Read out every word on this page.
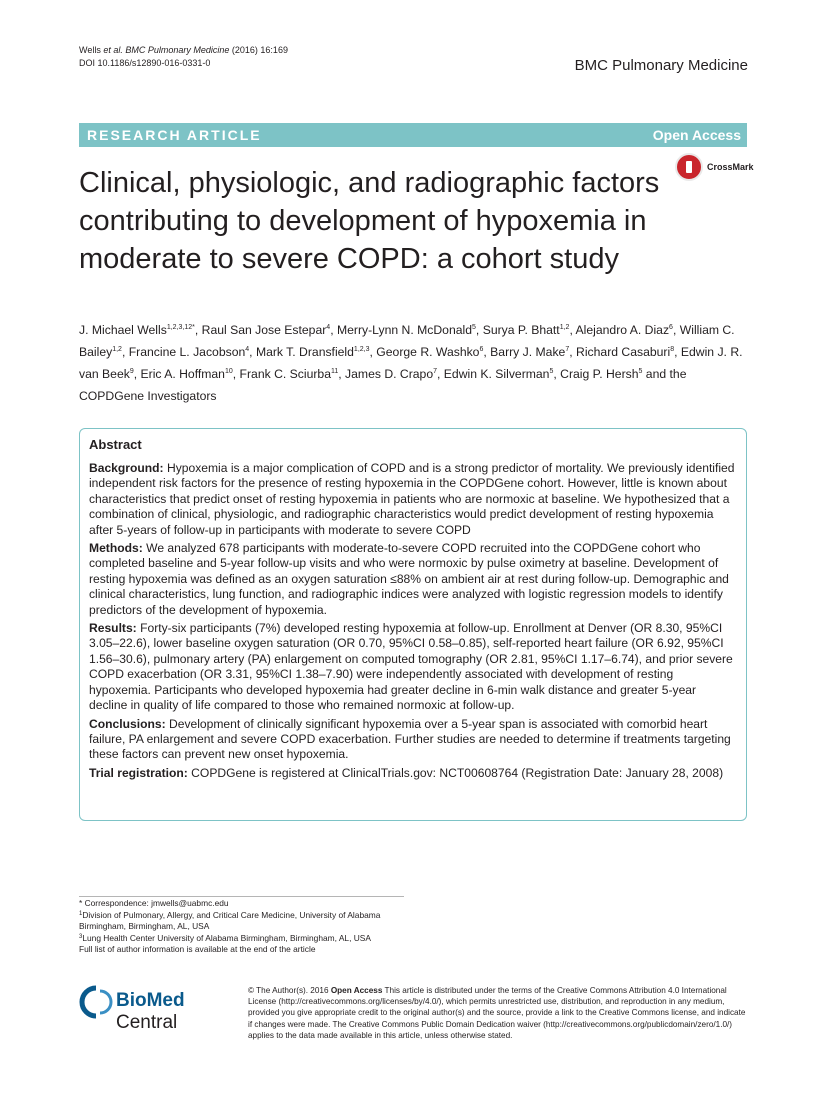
Wells et al. BMC Pulmonary Medicine (2016) 16:169
DOI 10.1186/s12890-016-0331-0	BMC Pulmonary Medicine
RESEARCH ARTICLE	Open Access
CrossMark
Clinical, physiologic, and radiographic factors contributing to development of hypoxemia in moderate to severe COPD: a cohort study
J. Michael Wells$^{1,2,3,12*}$, Raul San Jose Estepar$^4$, Merry-Lynn N. McDonald$^5$, Surya P. Bhatt$^{1,2}$, Alejandro A. Diaz$^6$, William C. Bailey$^{1,2}$, Francine L. Jacobson$^4$, Mark T. Dransfield$^{1,2,3}$, George R. Washko$^6$, Barry J. Make$^7$, Richard Casaburi$^8$, Edwin J. R. van Beek$^9$, Eric A. Hoffman$^{10}$, Frank C. Sciurba$^{11}$, James D. Crapo$^7$, Edwin K. Silverman$^5$, Craig P. Hersh$^5$ and the COPDGene Investigators
Abstract
Background: Hypoxemia is a major complication of COPD and is a strong predictor of mortality. We previously identified independent risk factors for the presence of resting hypoxemia in the COPDGene cohort. However, little is known about characteristics that predict onset of resting hypoxemia in patients who are normoxic at baseline. We hypothesized that a combination of clinical, physiologic, and radiographic characteristics would predict development of resting hypoxemia after 5-years of follow-up in participants with moderate to severe COPD
Methods: We analyzed 678 participants with moderate-to-severe COPD recruited into the COPDGene cohort who completed baseline and 5-year follow-up visits and who were normoxic by pulse oximetry at baseline. Development of resting hypoxemia was defined as an oxygen saturation ≤88% on ambient air at rest during follow-up. Demographic and clinical characteristics, lung function, and radiographic indices were analyzed with logistic regression models to identify predictors of the development of hypoxemia.
Results: Forty-six participants (7%) developed resting hypoxemia at follow-up. Enrollment at Denver (OR 8.30, 95%CI 3.05–22.6), lower baseline oxygen saturation (OR 0.70, 95%CI 0.58–0.85), self-reported heart failure (OR 6.92, 95%CI 1.56–30.6), pulmonary artery (PA) enlargement on computed tomography (OR 2.81, 95%CI 1.17–6.74), and prior severe COPD exacerbation (OR 3.31, 95%CI 1.38–7.90) were independently associated with development of resting hypoxemia. Participants who developed hypoxemia had greater decline in 6-min walk distance and greater 5-year decline in quality of life compared to those who remained normoxic at follow-up.
Conclusions: Development of clinically significant hypoxemia over a 5-year span is associated with comorbid heart failure, PA enlargement and severe COPD exacerbation. Further studies are needed to determine if treatments targeting these factors can prevent new onset hypoxemia.
Trial registration: COPDGene is registered at ClinicalTrials.gov: NCT00608764 (Registration Date: January 28, 2008)
* Correspondence: jmwells@uabmc.edu
$^1$Division of Pulmonary, Allergy, and Critical Care Medicine, University of Alabama Birmingham, Birmingham, AL, USA
$^3$Lung Health Center University of Alabama Birmingham, Birmingham, AL, USA
Full list of author information is available at the end of the article
BioMed Central
© The Author(s). 2016 Open Access This article is distributed under the terms of the Creative Commons Attribution 4.0 International License (http://creativecommons.org/licenses/by/4.0/), which permits unrestricted use, distribution, and reproduction in any medium, provided you give appropriate credit to the original author(s) and the source, provide a link to the Creative Commons license, and indicate if changes were made. The Creative Commons Public Domain Dedication waiver (http://creativecommons.org/publicdomain/zero/1.0/) applies to the data made available in this article, unless otherwise stated.
